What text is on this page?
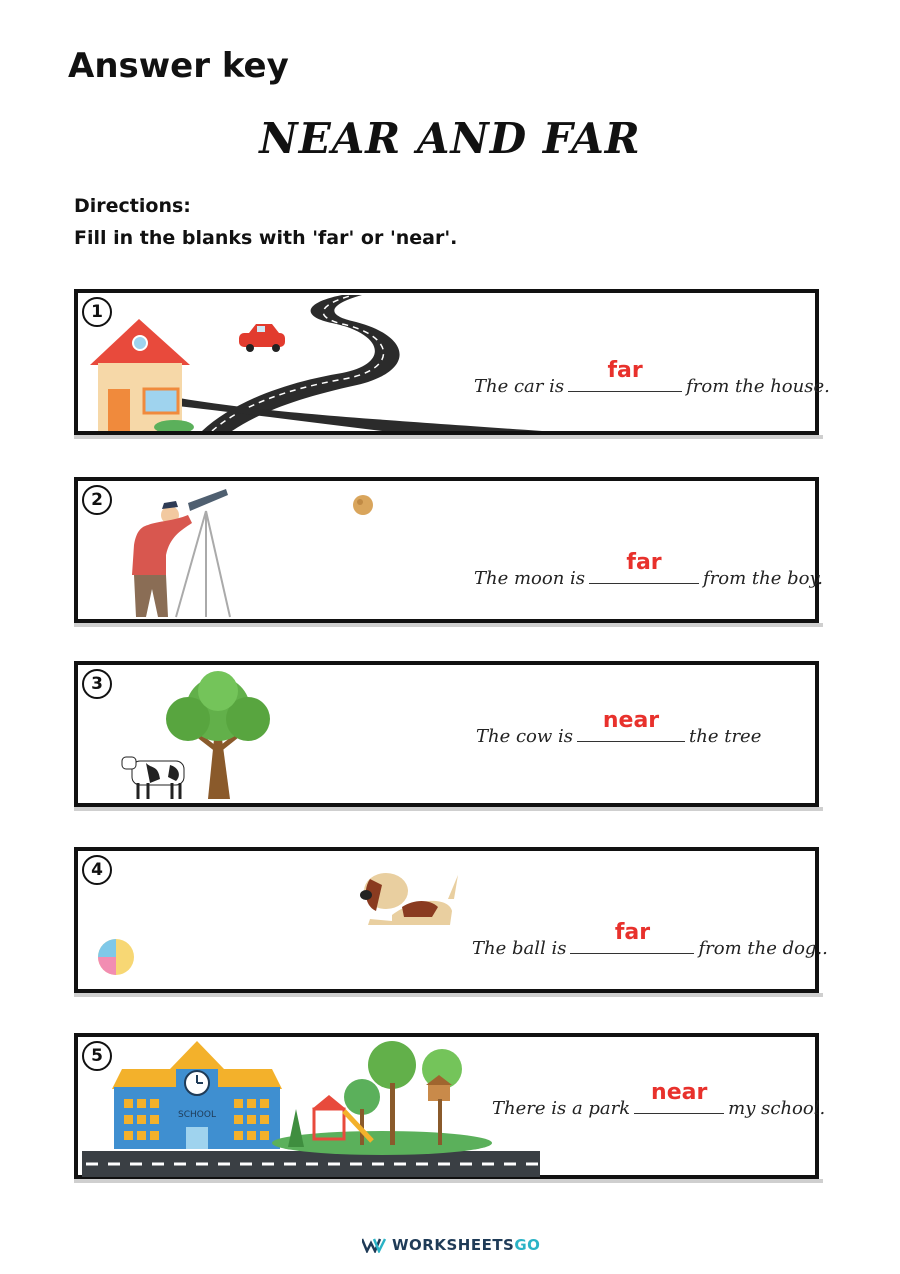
Answer key
NEAR AND FAR
Directions:
Fill in the blanks with 'far' or 'near'.
1
The car is
far
from the house.
2
The moon is
far
from the boy.
3
The cow is
near
the tree
4
The ball is
far
from the dog..
5
SCHOOL	There is a park
near
my school.
WORKSHEETSGO
